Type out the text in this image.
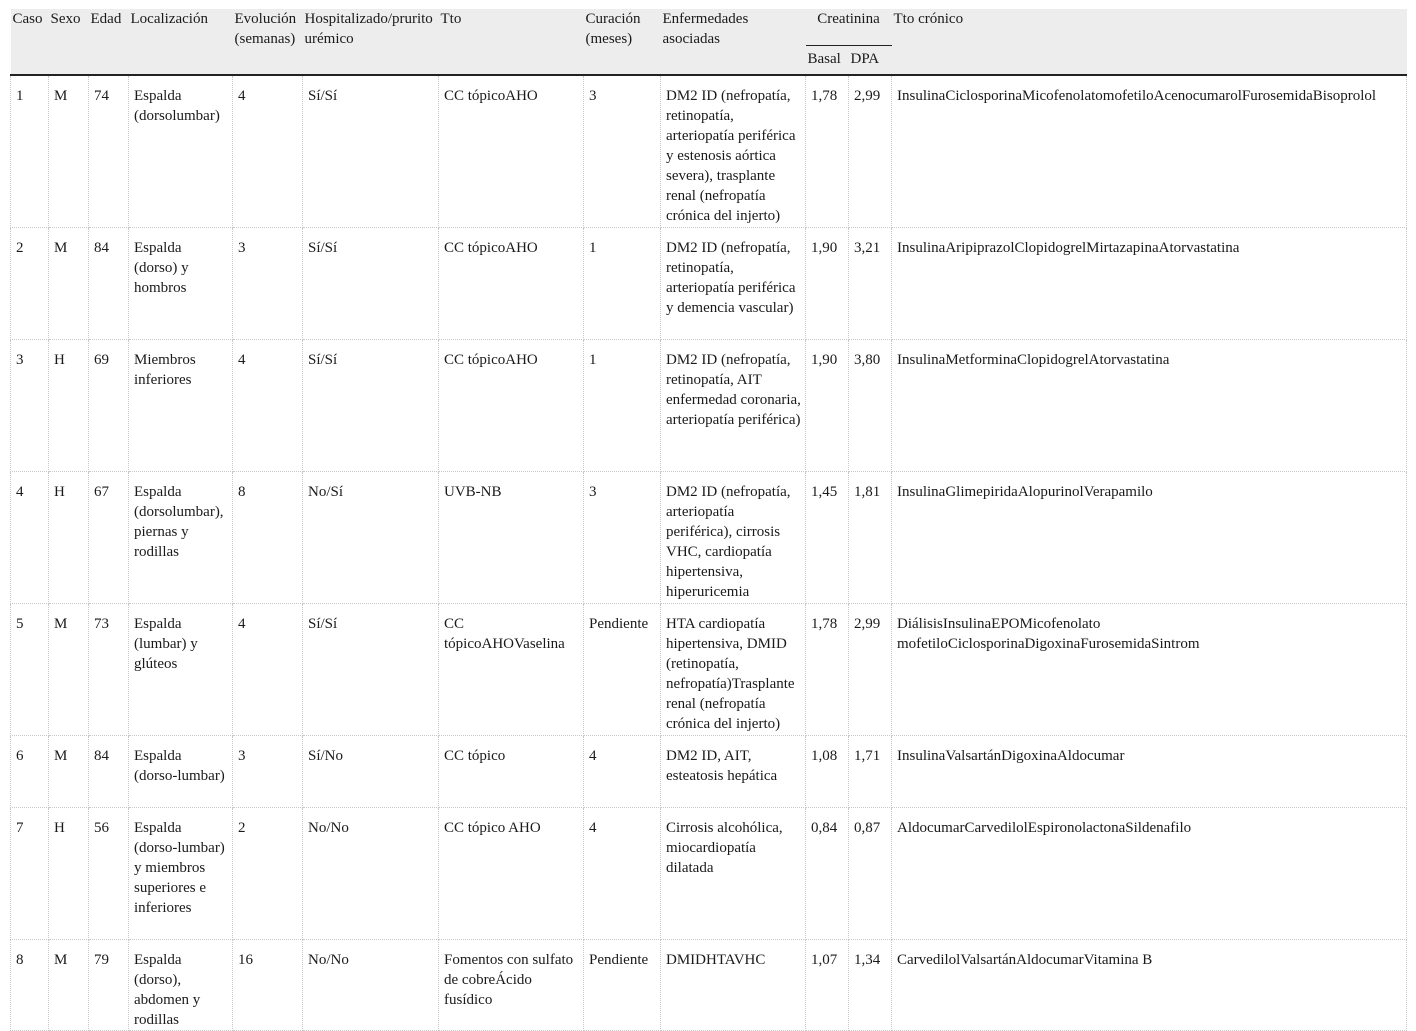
Caso	Sexo	Edad	Localización	Evolución (semanas)	Hospitalizado/prurito urémico	Tto	Curación (meses)	Enfermedades asociadas	Creatinina		Tto crónico
									Basal	DPA	
1	M	74	Espalda (dorsolumbar)	4	Sí/Sí	CC tópicoAHO	3	DM2 ID (nefropatía, retinopatía, arteriopatía periférica y estenosis aórtica severa), trasplante renal (nefropatía crónica del injerto)	1,78	2,99	InsulinaCiclosporinaMicofenolatomofetiloAcenocumarolFurosemidaBisoprolol
2	M	84	Espalda (dorso) y hombros	3	Sí/Sí	CC tópicoAHO	1	DM2 ID (nefropatía, retinopatía, arteriopatía periférica y demencia vascular)	1,90	3,21	InsulinaAripiprazolClopidogrelMirtazapinaAtorvastatina
3	H	69	Miembros inferiores	4	Sí/Sí	CC tópicoAHO	1	DM2 ID (nefropatía, retinopatía, AIT enfermedad coronaria, arteriopatía periférica)	1,90	3,80	InsulinaMetforminaClopidogrelAtorvastatina
4	H	67	Espalda (dorsolumbar), piernas y rodillas	8	No/Sí	UVB-NB	3	DM2 ID (nefropatía, arteriopatía periférica), cirrosis VHC, cardiopatía hipertensiva, hiperuricemia	1,45	1,81	InsulinaGlimepiridaAlopurinolVerapamilo
5	M	73	Espalda (lumbar) y glúteos	4	Sí/Sí	CC tópicoAHOVaselina	Pendiente	HTA cardiopatía hipertensiva, DMID (retinopatía, nefropatía)Trasplante renal (nefropatía crónica del injerto)	1,78	2,99	DiálisisInsulinaEPOMicofenolato mofetiloCiclosporinaDigoxinaFurosemidaSintrom
6	M	84	Espalda (dorso-lumbar)	3	Sí/No	CC tópico	4	DM2 ID, AIT, esteatosis hepática	1,08	1,71	InsulinaValsartánDigoxinaAldocumar
7	H	56	Espalda (dorso-lumbar) y miembros superiores e inferiores	2	No/No	CC tópico AHO	4	Cirrosis alcohólica, miocardiopatía dilatada	0,84	0,87	AldocumarCarvedilolEspironolactonaSildenafilo
8	M	79	Espalda (dorso), abdomen y rodillas	16	No/No	Fomentos con sulfato de cobreÁcido fusídico	Pendiente	DMIDHTAVHC	1,07	1,34	CarvedilolValsartánAldocumarVitamina B
